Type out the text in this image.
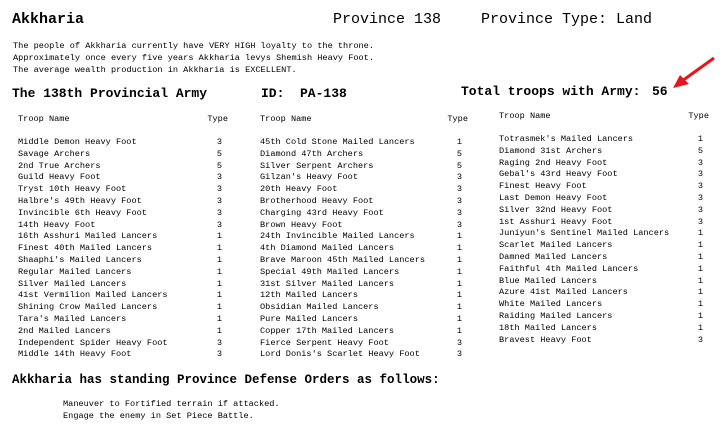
Akkharia	Province 138	Province Type: Land
The people of Akkharia currently have VERY HIGH loyalty to the throne.
Approximately once every five years Akkharia levys Shemish Heavy Foot.
The average wealth production in Akkharia is EXCELLENT.
The 138th Provincial Army	ID: PA-138	Total troops with Army: 56
Troop Name	Type
Middle Demon Heavy Foot	3
Savage Archers	5
2nd True Archers	5
Guild Heavy Foot	3
Tryst 10th Heavy Foot	3
Halbre's 49th Heavy Foot	3
Invincible 6th Heavy Foot	3
14th Heavy Foot	3
16th Asshuri Mailed Lancers	1
Finest 40th Mailed Lancers	1
Shaaphi's Mailed Lancers	1
Regular Mailed Lancers	1
Silver Mailed Lancers	1
41st Vermilion Mailed Lancers	1
Shining Crow Mailed Lancers	1
Tara's Mailed Lancers	1
2nd Mailed Lancers	1
Independent Spider Heavy Foot	3
Middle 14th Heavy Foot	3
Troop Name	Type
45th Cold Stone Mailed Lancers	1
Diamond 47th Archers	5
Silver Serpent Archers	5
Gilzan's Heavy Foot	3
20th Heavy Foot	3
Brotherhood Heavy Foot	3
Charging 43rd Heavy Foot	3
Brown Heavy Foot	3
24th Invincible Mailed Lancers	1
4th Diamond Mailed Lancers	1
Brave Maroon 45th Mailed Lancers	1
Special 49th Mailed Lancers	1
31st Silver Mailed Lancers	1
12th Mailed Lancers	1
Obsidian Mailed Lancers	1
Pure Mailed Lancers	1
Copper 17th Mailed Lancers	1
Fierce Serpent Heavy Foot	3
Lord Donis's Scarlet Heavy Foot	3
Troop Name	Type
Totrasmek's Mailed Lancers	1
Diamond 31st Archers	5
Raging 2nd Heavy Foot	3
Gebal's 43rd Heavy Foot	3
Finest Heavy Foot	3
Last Demon Heavy Foot	3
Silver 32nd Heavy Foot	3
1st Asshuri Heavy Foot	3
Juniyun's Sentinel Mailed Lancers	1
Scarlet Mailed Lancers	1
Damned Mailed Lancers	1
Faithful 4th Mailed Lancers	1
Blue Mailed Lancers	1
Azure 41st Mailed Lancers	1
White Mailed Lancers	1
Raiding Mailed Lancers	1
18th Mailed Lancers	1
Bravest Heavy Foot	3
Akkharia has standing Province Defense Orders as follows:
Maneuver to Fortified terrain if attacked.
Engage the enemy in Set Piece Battle.
